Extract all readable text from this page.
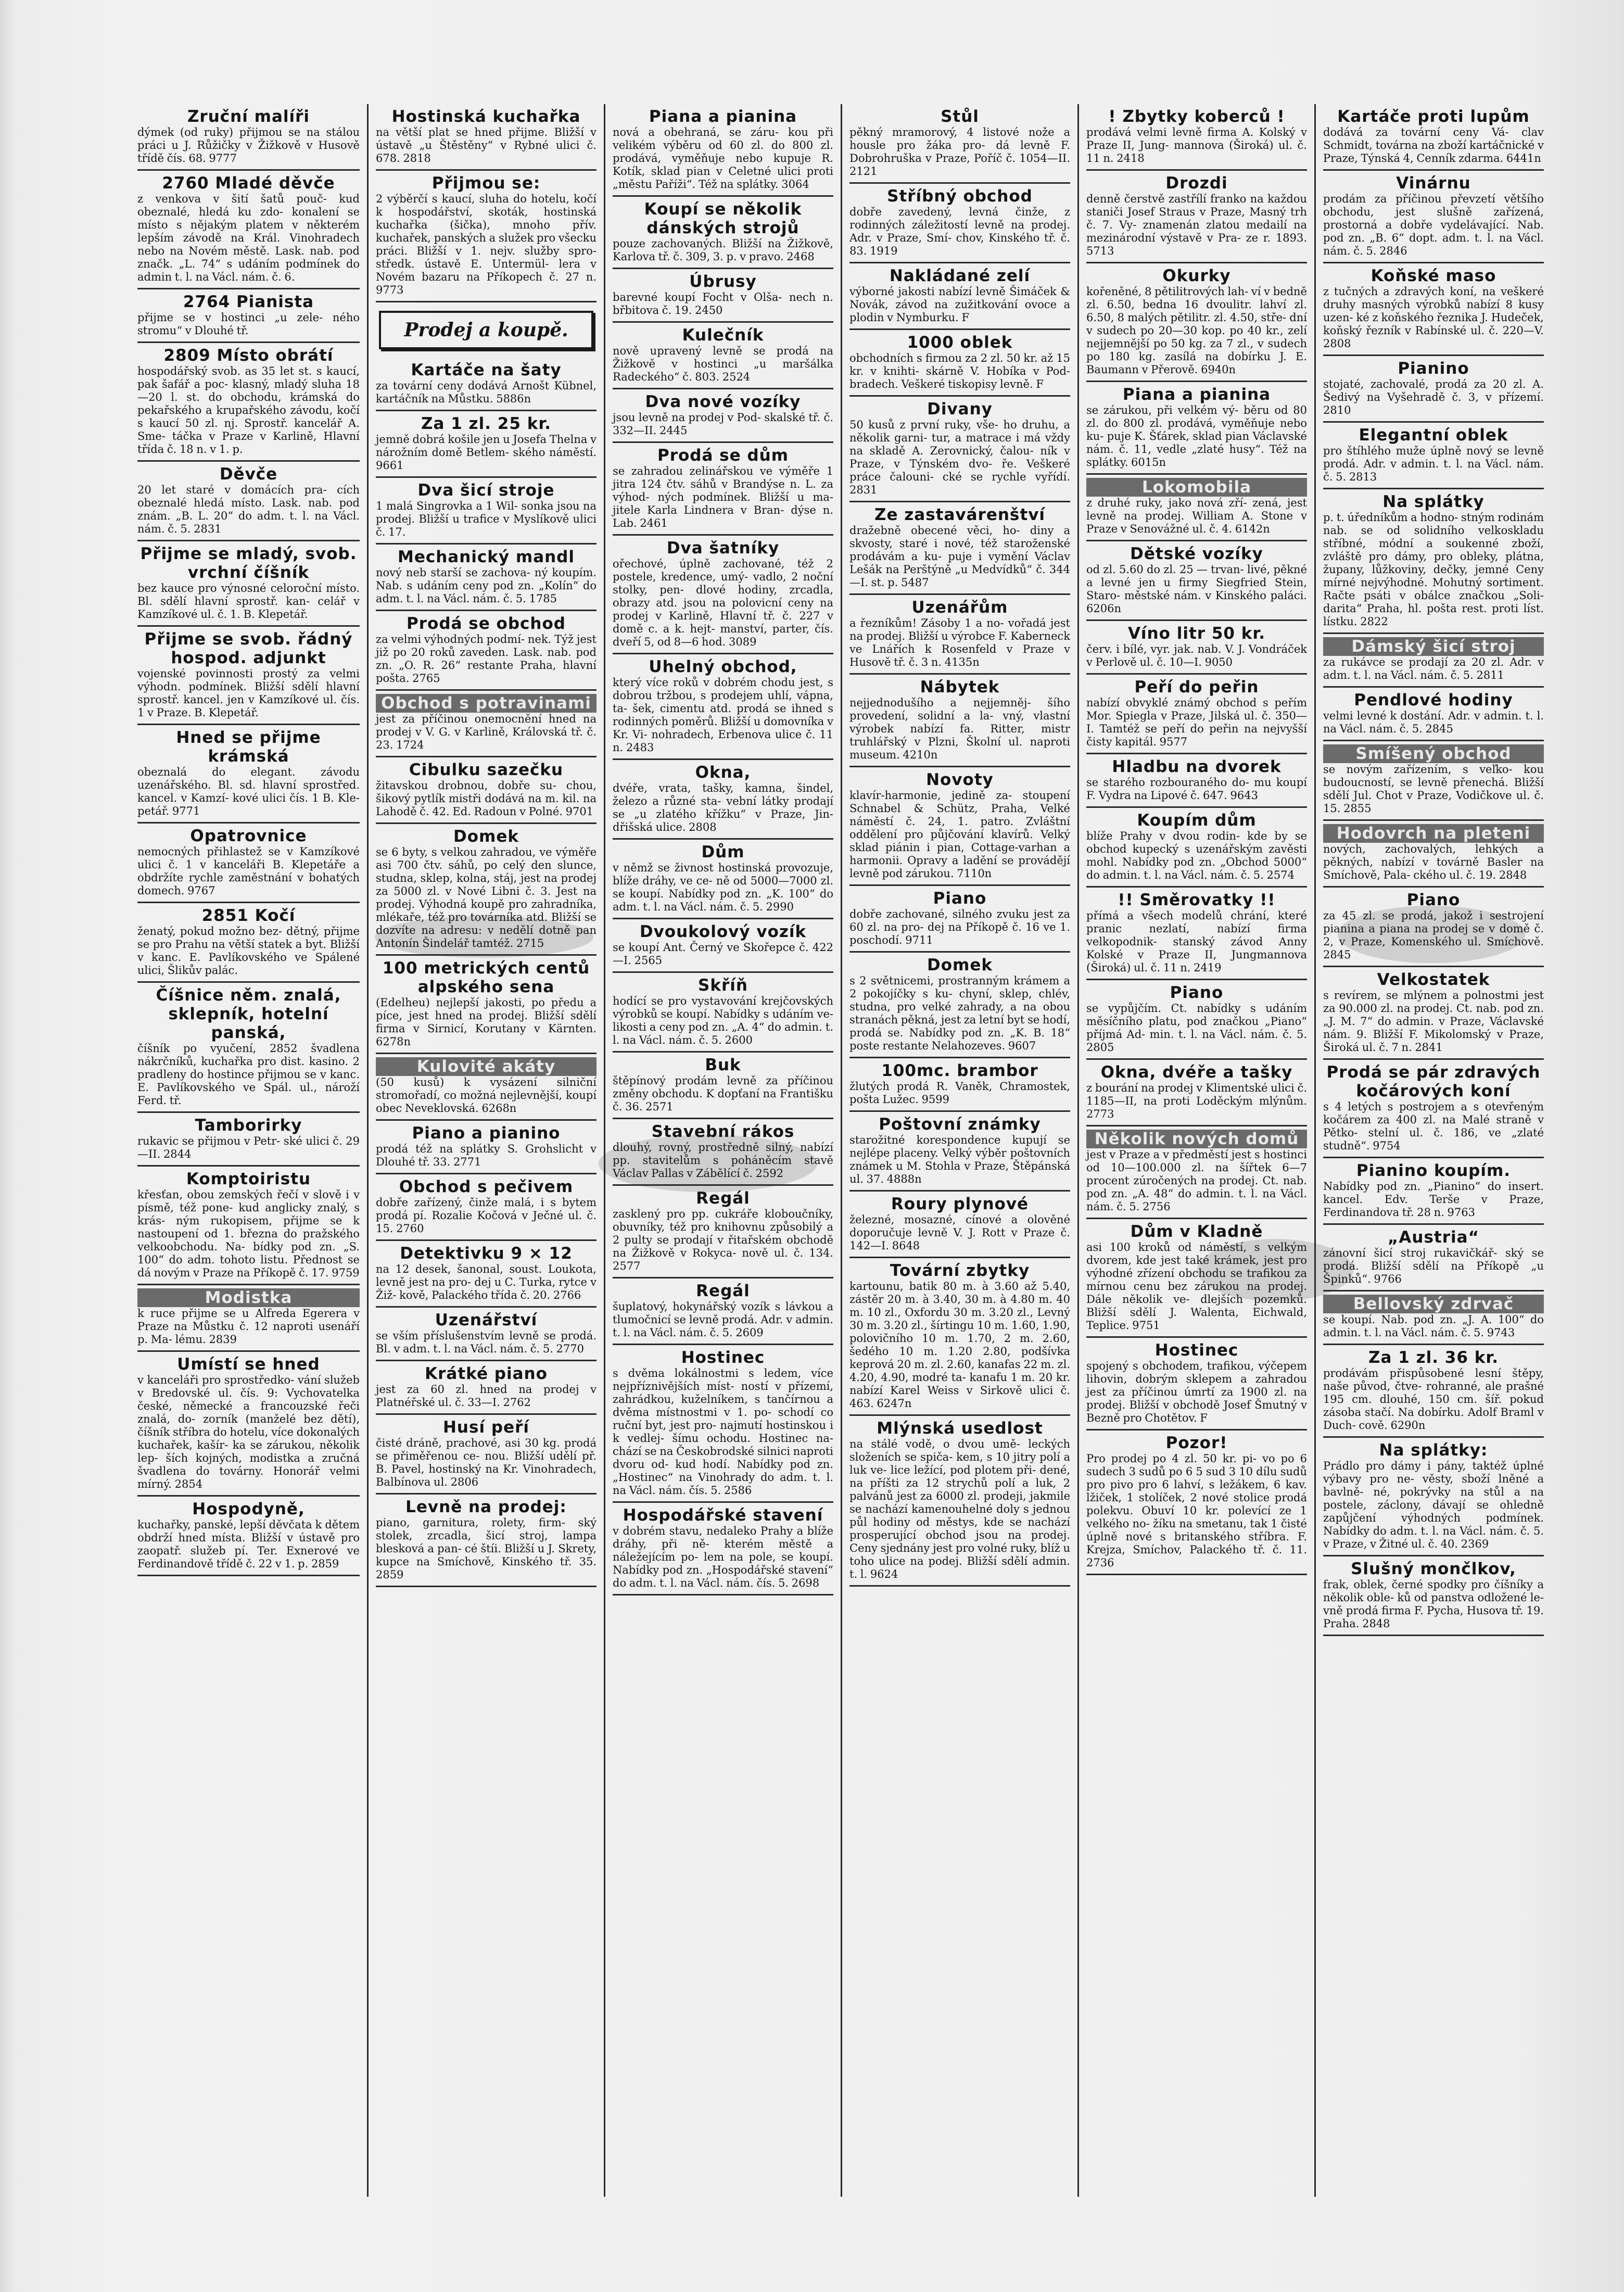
Zruční malíři
dýmek (od ruky) přijmou se na stálou práci u J. Růžičky v Žižkově v Husově třídě čís. 68. 9777
2760 Mladé děvče
z venkova v šití šatů pouč- kud obeznalé, hledá ku zdo- konalení se místo s nějakým platem v některém lepším závodě na Král. Vinohradech nebo na Novém městě. Lask. nab. pod značk. „L. 74“ s udáním podmínek do admin t. l. na Václ. nám. č. 6.
2764 Pianista
přijme se v hostinci „u zele- ného stromu“ v Dlouhé tř.
2809 Místo obrátí
hospodářský svob. as 35 let st. s kaucí, pak šafář a poc- klasný, mladý sluha 18—20 l. st. do obchodu, krámská do pekařského a krupařského závodu, kočí s kaucí 50 zl. nj. Sprostř. kancelář A. Sme- táčka v Praze v Karlině, Hlavní třída č. 18 n. v 1. p.
Děvče
20 let staré v domácích pra- cích obeznalé hledá místo. Lask. nab. pod znám. „B. L. 20“ do adm. t. l. na Václ. nám. č. 5. 2831
Přijme se mladý, svob. vrchní číšník
bez kauce pro výnosné celoroční místo. Bl. sdělí hlavní sprostř. kan- celář v Kamzíkové ul. č. 1. B. Klepetář.
Přijme se svob. řádný hospod. adjunkt
vojenské povinnosti prostý za velmi výhodn. podmínek. Bližší sdělí hlavní sprostř. kancel. jen v Kamzíkové ul. čís. 1 v Praze. B. Klepetář.
Hned se přijme krámská
obeznalá do elegant. závodu uzenářského. Bl. sd. hlavní sprostřed. kancel. v Kamzí- kové ulici čís. 1 B. Kle- petář. 9771
Opatrovnice
nemocných přihlastež se v Kamzíkové ulici č. 1 v kanceláři B. Klepetáře a obdržíte rychle zaměstnání v bohatých domech. 9767
2851 Kočí
ženatý, pokud možno bez- dětný, přijme se pro Prahu na větší statek a byt. Bližší v kanc. E. Pavlíkovského ve Spálené ulici, Šlikův palác.
Číšnice něm. znalá, sklepník, hotelní panská,
číšník po vyučení, 2852 švadlena nákrčníků, kuchařka pro dist. kasino. 2 pradleny do hostince přijmou se v kanc. E. Pavlíkovského ve Spál. ul., nároží Ferd. tř.
Tamborirky
rukavic se přijmou v Petr- ské ulici č. 29—II. 2844
Komptoiristu
křesťan, obou zemských řečí v slově i v písmě, též pone- kud anglicky znalý, s krás- ným rukopisem, přijme se k nastoupení od 1. března do pražského velkoobchodu. Na- bídky pod zn. „S. 100“ do adm. tohoto listu. Přednost se dá novým v Praze na Příkopě č. 17. 9759
Modistka
k ruce přijme se u Alfreda Egerera v Praze na Můstku č. 12 naproti usenáří p. Ma- lému. 2839
Umístí se hned
v kanceláři pro sprostředko- vání služeb v Bredovské ul. čís. 9: Vychovatelka české, německé a francouzské řeči znalá, do- zorník (manželé bez dětí), číšník stříbra do hotelu, více dokonalých kuchařek, kašír- ka se zárukou, několik lep- ších kojných, modistka a zručná švadlena do továrny. Honorář velmi mírný. 2854
Hospodyně,
kuchařky, panské, lepší děvčata k dětem obdrží hned místa. Bližší v ústavě pro zaopatř. služeb pí. Ter. Exnerové ve Ferdinandově třídě č. 22 v 1. p. 2859
Hostinská kuchařka
na větší plat se hned přijme. Bližší v ústavě „u Štěstěny“ v Rybné ulici č. 678. 2818
Přijmou se:
2 výběrčí s kaucí, sluha do hotelu, kočí k hospodářství, skoták, hostinská kuchařka (šička), mnoho přív. kuchařek, panských a služek pro všecku práci. Bližší v 1. nejv. služby spro- středk. ústavě E. Untermül- lera v Novém bazaru na Příkopech č. 27 n. 9773
Prodej a koupě.
Kartáče na šaty
za tovární ceny dodává Arnošt Kübnel, kartáčník na Můstku. 5886n
Za 1 zl. 25 kr.
jemně dobrá košile jen u Josefa Thelna v nárožním domě Betlem- ského náměstí. 9661
Dva šicí stroje
1 malá Singrovka a 1 Wil- sonka jsou na prodej. Bližší u trafice v Myslíkově ulici č. 17.
Mechanický mandl
nový neb starší se zachova- ný koupím. Nab. s udáním ceny pod zn. „Kolín“ do adm. t. l. na Václ. nám. č. 5. 1785
Prodá se obchod
za velmi výhodných podmí- nek. Týž jest již po 20 roků zaveden. Lask. nab. pod zn. „O. R. 26“ restante Praha, hlavní pošta. 2765
Obchod s potravinami
jest za příčinou onemocnění hned na prodej v V. G. v Karlině, Královská tř. č. 23. 1724
Cibulku sazečku
žitavskou drobnou, dobře su- chou, šikový pytlík mistři dodává na m. kil. na Lahodě č. 42. Ed. Radoun v Polné. 9701
Domek
se 6 byty, s velkou zahradou, ve výměře asi 700 čtv. sáhů, po celý den slunce, studna, sklep, kolna, stáj, jest na prodej za 5000 zl. v Nové Libni č. 3. Jest na prodej. Výhodná koupě pro zahradníka, mlékaře, též pro továrníka atd. Bližší se dozvíte na adresu: v nedělí dotně pan Antonín Šindelář tamtéž. 2715
100 metrických centů alpského sena
(Edelheu) nejlepší jakosti, po předu a píce, jest hned na prodej. Bližší sdělí firma v Sirnicí, Korutany v Kärnten. 6278n
Kulovité akáty
(50 kusů) k vysázení silniční stromořadí, co možná nejlevnější, koupí obec Neveklovská. 6268n
Piano a pianino
prodá též na splátky S. Grohslicht v Dlouhé tř. 33. 2771
Obchod s pečivem
dobře zařízený, činže malá, i s bytem prodá pí. Rozalie Kočová v Ječné ul. č. 15. 2760
Detektivku 9 × 12
na 12 desek, šanonal, soust. Loukota, levně jest na pro- dej u C. Turka, rytce v Žiž- kově, Palackého třída č. 20. 2766
Uzenářství
se vším příslušenstvím levně se prodá. Bl. v adm. t. l. na Václ. nám. č. 5. 2770
Krátké piano
jest za 60 zl. hned na prodej v Platnéřské ul. č. 33—I. 2762
Husí peří
čisté dráně, prachové, asi 30 kg. prodá se přiměřenou ce- nou. Bližší udělí př. B. Pavel, hostinský na Kr. Vinohradech, Balbínova ul. 2806
Levně na prodej:
piano, garnitura, rolety, firm- ský stolek, zrcadla, šicí stroj, lampa blesková a pan- cé štíi. Bližší u J. Skrety, kupce na Smíchově, Kinského tř. 35. 2859
Piana a pianina
nová a obehraná, se záru- kou při velikém výběru od 60 zl. do 800 zl. prodává, vyměňuje nebo kupuje R. Kotík, sklad pian v Celetné ulici proti „městu Paříži“. Též na splátky. 3064
Koupí se několik dánských strojů
pouze zachovaných. Bližší na Žižkově, Karlova tř. č. 309, 3. p. v pravo. 2468
Úbrusy
barevné koupí Focht v Olša- nech n. břbitova č. 19. 2450
Kulečník
nově upravený levně se prodá na Žižkově v hostinci „u maršálka Radeckého“ č. 803. 2524
Dva nové vozíky
jsou levně na prodej v Pod- skalské tř. č. 332—II. 2445
Prodá se dům
se zahradou zelinářskou ve výměře 1 jitra 124 čtv. sáhů v Brandýse n. L. za výhod- ných podmínek. Bližší u ma- jitele Karla Lindnera v Bran- dýse n. Lab. 2461
Dva šatníky
ořechové, úplně zachované, též 2 postele, kredence, umý- vadlo, 2 noční stolky, pen- dlové hodiny, zrcadla, obrazy atd. jsou na polovicní ceny na prodej v Karlině, Hlavní tř. č. 227 v domě c. a k. hejt- manství, parter, čís. dveří 5, od 8—6 hod. 3089
Uhelný obchod,
který více roků v dobrém chodu jest, s dobrou tržbou, s prodejem uhlí, vápna, ta- šek, cimentu atd. prodá se ihned s rodinných poměrů. Bližší u domovníka v Kr. Vi- nohradech, Erbenova ulice č. 11 n. 2483
Okna,
dvéře, vrata, tašky, kamna, šindel, železo a různé sta- vební látky prodají se „u zlatého křížku“ v Praze, Jin- dřišská ulice. 2808
Dům
v němž se živnost hostinská provozuje, blíže dráhy, ve ce- ně od 5000—7000 zl. se koupí. Nabídky pod zn. „K. 100“ do adm. t. l. na Václ. nám. č. 5. 2990
Dvoukolový vozík
se koupí Ant. Černý ve Skořepce č. 422—I. 2565
Skříň
hodící se pro vystavování krejčovských výrobků se koupí. Nabídky s udáním ve- likosti a ceny pod zn. „A. 4“ do admin. t. l. na Václ. nám. č. 5. 2600
Buk
štěpínový prodám levně za příčinou změny obchodu. K dopťaní na Františku č. 36. 2571
Stavební rákos
dlouhý, rovný, prostředně silný, nabízí pp. stavitelům s poháněcím stavě Václav Pallas v Zábělící č. 2592
Regál
zasklený pro pp. cukráře kloboučníky, obuvníky, též pro knihovnu způsobilý a 2 pulty se prodají v řitařském obchodě na Žižkově v Rokyca- nově ul. č. 134. 2577
Regál
šuplatový, hokynářský vozík s lávkou a tlumočnicí se levně prodá. Adr. v admin. t. l. na Václ. nám. č. 5. 2609
Hostinec
s dvěma lokálnostmi s ledem, více nejpříznivějších míst- ností v přízemí, zahrádkou, kuželníkem, s tančírnou a dvěma místnostmi v 1. po- schodí co ruční byt, jest pro- najmutí hostinskou i k vedlej- šímu ochodu. Hostinec na- chází se na Českobrodské silnici naproti dvoru od- kud hodí. Nabídky pod zn. „Hostinec“ na Vinohrady do adm. t. l. na Václ. nám. čís. 5. 2586
Hospodářské stavení
v dobrém stavu, nedaleko Prahy a blíže dráhy, při ně- kterém městě a náležejícím po- lem na pole, se koupí. Nabídky pod zn. „Hospodářské stavení“ do adm. t. l. na Václ. nám. čís. 5. 2698
Stůl
pěkný mramorový, 4 listové nože a housle pro žáka pro- dá levně F. Dobrohruška v Praze, Poříč č. 1054—II. 2121
Stříbný obchod
dobře zavedený, levná činže, z rodinných záležitostí levně na prodej. Adr. v Praze, Smí- chov, Kinského tř. č. 83. 1919
Nakládané zelí
výborné jakosti nabízí levně Šimáček & Novák, závod na zužitkování ovoce a plodin v Nymburku. F
1000 oblek
obchodních s firmou za 2 zl. 50 kr. až 15 kr. v knihti- skárně V. Hobíka v Pod- bradech. Veškeré tiskopisy levně. F
Divany
50 kusů z první ruky, vše- ho druhu, a několik garni- tur, a matrace i má vždy na skladě A. Zerovnický, čalou- ník v Praze, v Týnském dvo- ře. Veškeré práce čalouni- cké se rychle vyřídí. 2831
Ze zastavárenštví
dražebně obecené věci, ho- diny a skvosty, staré i nové, též staroženské prodávám a ku- puje i vymění Václav Lešák na Perštýně „u Medvídků“ č. 344—I. st. p. 5487
Uzenářům
a řezníkům! Zásoby 1 a no- vořadá jest na prodej. Bližší u výrobce F. Kaberneck ve Lnářích k Rosenfeld v Praze v Husově tř. č. 3 n. 4135n
Nábytek
nejjednodušího a nejjemněj- šího provedení, solidní a la- vný, vlastní výrobek nabízí fa. Ritter, mistr truhlářský v Plzni, Školní ul. naproti museum. 4210n
Novoty
klavír-harmonie, jedině za- stoupení Schnabel & Schütz, Praha, Velké náměstí č. 24, 1. patro. Zvláštní oddělení pro půjčování klavírů. Velký sklad piánin i pian, Cottage-varhan a harmonii. Opravy a ladění se provádějí levně pod zárukou. 7110n
Piano
dobře zachované, silného zvuku jest za 60 zl. na pro- dej na Příkopě č. 16 ve 1. poschodí. 9711
Domek
s 2 světnicemi, prostranným krámem a 2 pokojíčky s ku- chyní, sklep, chlév, studna, pro velké zahrady, a na obou stranách pěkná, jest za letní byt se hodí, prodá se. Nabídky pod zn. „K. B. 18“ poste restante Nelahozeves. 9607
100mc. brambor
žlutých prodá R. Vaněk, Chramostek, pošta Lužec. 9599
Poštovní známky
starožitné korespondence kupují se nejlépe placeny. Velký výběr poštovních známek u M. Stohla v Praze, Štěpánská ul. 37. 4888n
Roury plynové
železné, mosazné, cínové a olověné doporučuje levně V. J. Rott v Praze č. 142—I. 8648
Tovární zbytky
kartounu, batik 80 m. à 3.60 až 5.40, zástěr 20 m. à 3.40, 30 m. à 4.80 m. 40 m. 10 zl., Oxfordu 30 m. 3.20 zl., Levný 30 m. 3.20 zl., šírtingu 10 m. 1.60, 1.90, polovičního 10 m. 1.70, 2 m. 2.60, šedého 10 m. 1.20 2.80, podšívka keprová 20 m. zl. 2.60, kanafas 22 m. zl. 4.20, 4.90, modré ta- kanafu 1 m. 20 kr. nabízí Karel Weiss v Sirkově ulici č. 463. 6247n
Mlýnská usedlost
na stálé vodě, o dvou umě- leckých složeních se spiča- kem, s 10 jitry polí a luk ve- lice ležící, pod plotem při- dené, na příšti za 12 strychů polí a luk, 2 palvánů jest za 6000 zl. prodeji, jakmile se nachází kamenouhelné doly s jednou půl hodiny od městys, kde se nachází prosperující obchod jsou na prodej. Ceny sjednány jest pro volné ruky, blíž u toho ulice na podej. Bližší sdělí admin. t. l. 9624
! Zbytky koberců !
prodává velmi levně firma A. Kolský v Praze II, Jung- mannova (Široká) ul. č. 11 n. 2418
Drozdi
denně čerstvě zastřílí franko na každou staniči Josef Straus v Praze, Masný trh č. 7. Vy- znamenán zlatou medailí na mezinárodní výstavě v Pra- ze r. 1893. 5713
Okurky
kořeněné, 8 pětilitrových lah- ví v bedně zl. 6.50, bedna 16 dvoulitr. lahví zl. 6.50, 8 malých pětilitr. zl. 4.50, stře- dní v sudech po 20—30 kop. po 40 kr., zelí nejjemnější po 50 kg. za 7 zl., v sudech po 180 kg. zasílá na dobírku J. E. Baumann v Přerově. 6940n
Piana a pianina
se zárukou, při velkém vý- běru od 80 zl. do 800 zl. prodává, vyměňuje nebo ku- puje K. Šťárek, sklad pian Václavské nám. č. 11, vedle „zlaté husy“. Též na splátky. 6015n
Lokomobila
z druhé ruky, jako nová zří- zená, jest levně na prodej. William A. Stone v Praze v Senovážné ul. č. 4. 6142n
Dětské vozíky
od zl. 5.60 do zl. 25 — trvan- livé, pěkné a levné jen u firmy Siegfried Stein, Staro- městské nám. v Kinského paláci. 6206n
Víno litr 50 kr.
červ. i bílé, vyr. jak. nab. V. J. Vondráček v Perlově ul. č. 10—I. 9050
Peří do peřin
nabízí obvyklé známý obchod s peřím Mor. Spiegla v Praze, Jilská ul. č. 350—I. Tamtéž se peří do peřin na nejvyšší čisty kapitál. 9577
Hladbu na dvorek
se starého rozbouraného do- mu koupí F. Vydra na Lipové č. 647. 9643
Koupím dům
blíže Prahy v dvou rodin- kde by se obchod kupecký s uzenářským zavěsti mohl. Nabídky pod zn. „Obchod 5000“ do admin. t. l. na Václ. nám. č. 5. 2574
!! Směrovatky !!
přímá a všech modelů chrání, které pranic nezlatí, nabízí firma velkopodnik- stanský závod Anny Kolské v Praze II, Jungmannova (Široká) ul. č. 11 n. 2419
Piano
se vypůjčím. Ct. nabídky s udáním měsíčního platu, pod značkou „Piano“ příjmá Ad- min. t. l. na Václ. nám. č. 5. 2805
Okna, dvéře a tašky
z bourání na prodej v Klimentské ulici č. 1185—II, na proti Loděckým mlýnům. 2773
Několik nových domů
jest v Praze a v předměstí jest s hostinci od 10—100.000 zl. na šířtek 6—7 procent zúročených na prodej. Ct. nab. pod zn. „A. 48“ do admin. t. l. na Václ. nám. č. 5. 2756
Dům v Kladně
asi 100 kroků od náměstí, s velkým dvorem, kde jest také krámek, jest pro výhodné zřízení obchodu se trafikou za mírnou cenu bez zárukou na prodej. Dále několik ve- dlejších pozemků. Bližší sdělí J. Walenta, Eichwald, Teplice. 9751
Hostinec
spojený s obchodem, trafikou, výčepem lihovin, dobrým sklepem a zahradou jest za příčinou úmrtí za 1900 zl. na prodej. Bližší v obchodě Josef Šmutný v Bezně pro Chotětov. F
Pozor!
Pro prodej po 4 zl. 50 kr. pi- vo po 6 sudech 3 sudů po 6 5 sud 3 10 dílu sudů pro pivo pro 6 lahví, s ležákem, 6 kav. lžiček, 1 stolíček, 2 nové stolice prodá polekvu. Obuví 10 kr. polevící ze 1 velkého no- žíku na smetanu, tak 1 čisté úplně nové s britanského stříbra. F. Krejza, Smíchov, Palackého tř. č. 11. 2736
Kartáče proti lupům
dodává za tovární ceny Vá- clav Schmidt, továrna na zboží kartáčnické v Praze, Týnská 4, Cenník zdarma. 6441n
Vinárnu
prodám za příčinou převzetí většího obchodu, jest slušně zařízená, prostorná a dobře vydelávající. Nab. pod zn. „B. 6“ dopt. adm. t. l. na Václ. nám. č. 5. 2846
Koňské maso
z tučných a zdravých koní, na veškeré druhy masných výrobků nabízí 8 kusy uzen- ké z koňského řeznika J. Hudeček, koňský řezník v Rabínské ul. č. 220—V. 2808
Pianino
stojaté, zachovalé, prodá za 20 zl. A. Šedivý na Vyšehradě č. 3, v přízemí. 2810
Elegantní oblek
pro štíhlého muže úplně nový se levně prodá. Adr. v admin. t. l. na Václ. nám. č. 5. 2813
Na splátky
p. t. úředníkům a hodno- stným rodinám nab. se od solidního velkoskladu stříbné, módní a soukenné zboží, zvláště pro dámy, pro obleky, plátna, župany, lůžkoviny, dečky, jemné Ceny mírné nejvýhodné. Mohutný sortiment. Račte psáti v obálce značkou „Soli- darita“ Praha, hl. pošta rest. proti líst. lístku. 2822
Dámský šicí stroj
za rukávce se prodají za 20 zl. Adr. v adm. t. l. na Václ. nám. č. 5. 2811
Pendlové hodiny
velmi levné k dostání. Adr. v admin. t. l. na Václ. nám. č. 5. 2845
Smíšený obchod
se novým zařízením, s veľko- kou budoucností, se levně přenechá. Bližší sdělí Jul. Chot v Praze, Vodičkove ul. č. 15. 2855
Hodovrch na pleteni
nových, zachovalých, lehkých a pěkných, nabízí v továrně Basler na Smíchově, Pala- ckého ul. č. 19. 2848
Piano
za 45 zl. se prodá, jakož i sestrojení pianina a piana na prodej se v domě č. 2, v Praze, Komenského ul. Smíchově. 2845
Velkostatek
s revírem, se mlýnem a polnostmi jest za 90.000 zl. na prodej. Ct. nab. pod zn. „J. M. 7“ do admin. v Praze, Václavské nám. 9. Bližší F. Mikolomský v Praze, Široká ul. č. 7 n. 2841
Prodá se pár zdravých kočárových koní
s 4 letých s postrojem a s otevřeným kočárem za 400 zl. na Malé straně v Pětko- stelní ul. č. 186, ve „zlaté studně“. 9754
Pianino koupím.
Nabídky pod zn. „Pianino“ do insert. kancel. Edv. Terše v Praze, Ferdinandova tř. 28 n. 9763
„Austria“
zánovní šicí stroj rukavičkář- ský se prodá. Bližší sdělí na Příkopě „u Špinků“. 9766
Bellovský zdrvač
se koupí. Nab. pod zn. „J. A. 100“ do admin. t. l. na Václ. nám. č. 5. 9743
Za 1 zl. 36 kr.
prodávám přispůsobené lesní štěpy, naše původ, čtve- rohranné, ale prašné 195 cm. dlouhé, 150 cm. šíř. pokud zásoba stačí. Na dobírku. Adolf Braml v Duch- cově. 6290n
Na splátky:
Prádlo pro dámy i pány, taktéž úplné výbavy pro ne- věsty, sboží lněné a bavlně- né, pokrývky na stůl a na postele, záclony, dávají se ohledně zapůjčení výhodných podmínek. Nabídky do adm. t. l. na Václ. nám. č. 5. v Praze, v Žitné ul. č. 40. 2369
Slušný mončlkov,
frak, oblek, černé spodky pro číšníky a několik oble- ků od panstva odložené le- vně prodá firma F. Pycha, Husova tř. 19. Praha. 2848
